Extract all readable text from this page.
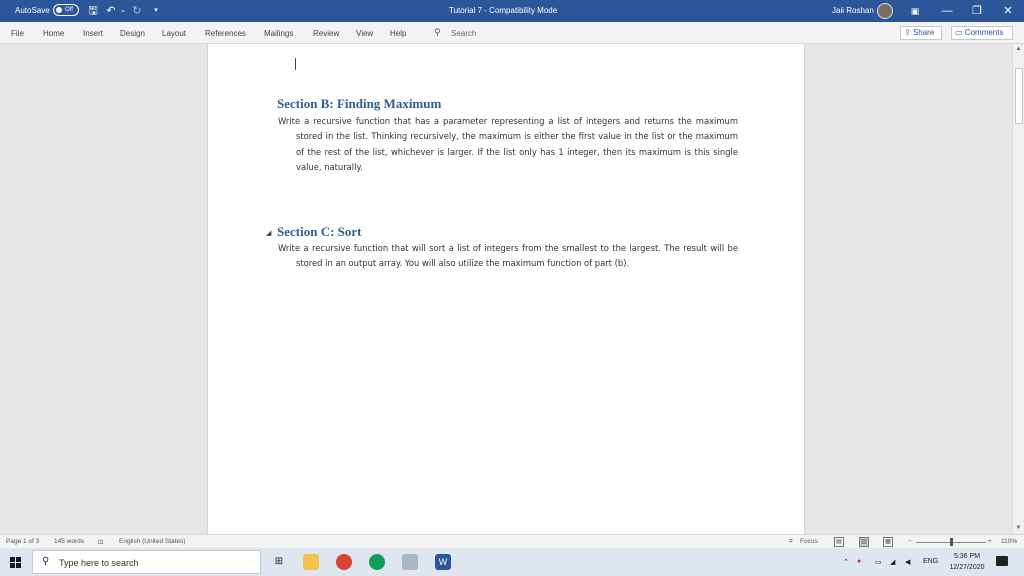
AutoSave	Off	🖫 ↶ ⌄ ↻	▾	Tutorial 7 - Compatibility Mode	Jaii Roshan	▣	— ❐	✕
File Home Insert Design Layout References Mailings Review View Help	⚲ Search	⇪ Share	▭ Comments
Section B: Finding Maximum
Write a recursive function that has a parameter representing a list of integers and returns the maximum stored in the list. Thinking recursively, the maximum is either the first value in the list or the maximum of the rest of the list, whichever is larger. If the list only has 1 integer, then its maximum is this single value, naturally.
◢ Section C: Sort
Write a recursive function that will sort a list of integers from the smallest to the largest. The result will be stored in an output array. You will also utilize the maximum function of part (b).
▲
▼
Page 1 of 3 145 words ⊡ English (United States)	⌗ Focus	▤	▥	▦	−	+ 110%
⚲ Type here to search	⊞	W	⌃ ● ▭ ◢ ◀ ENG
5:36 PM
12/27/2020
